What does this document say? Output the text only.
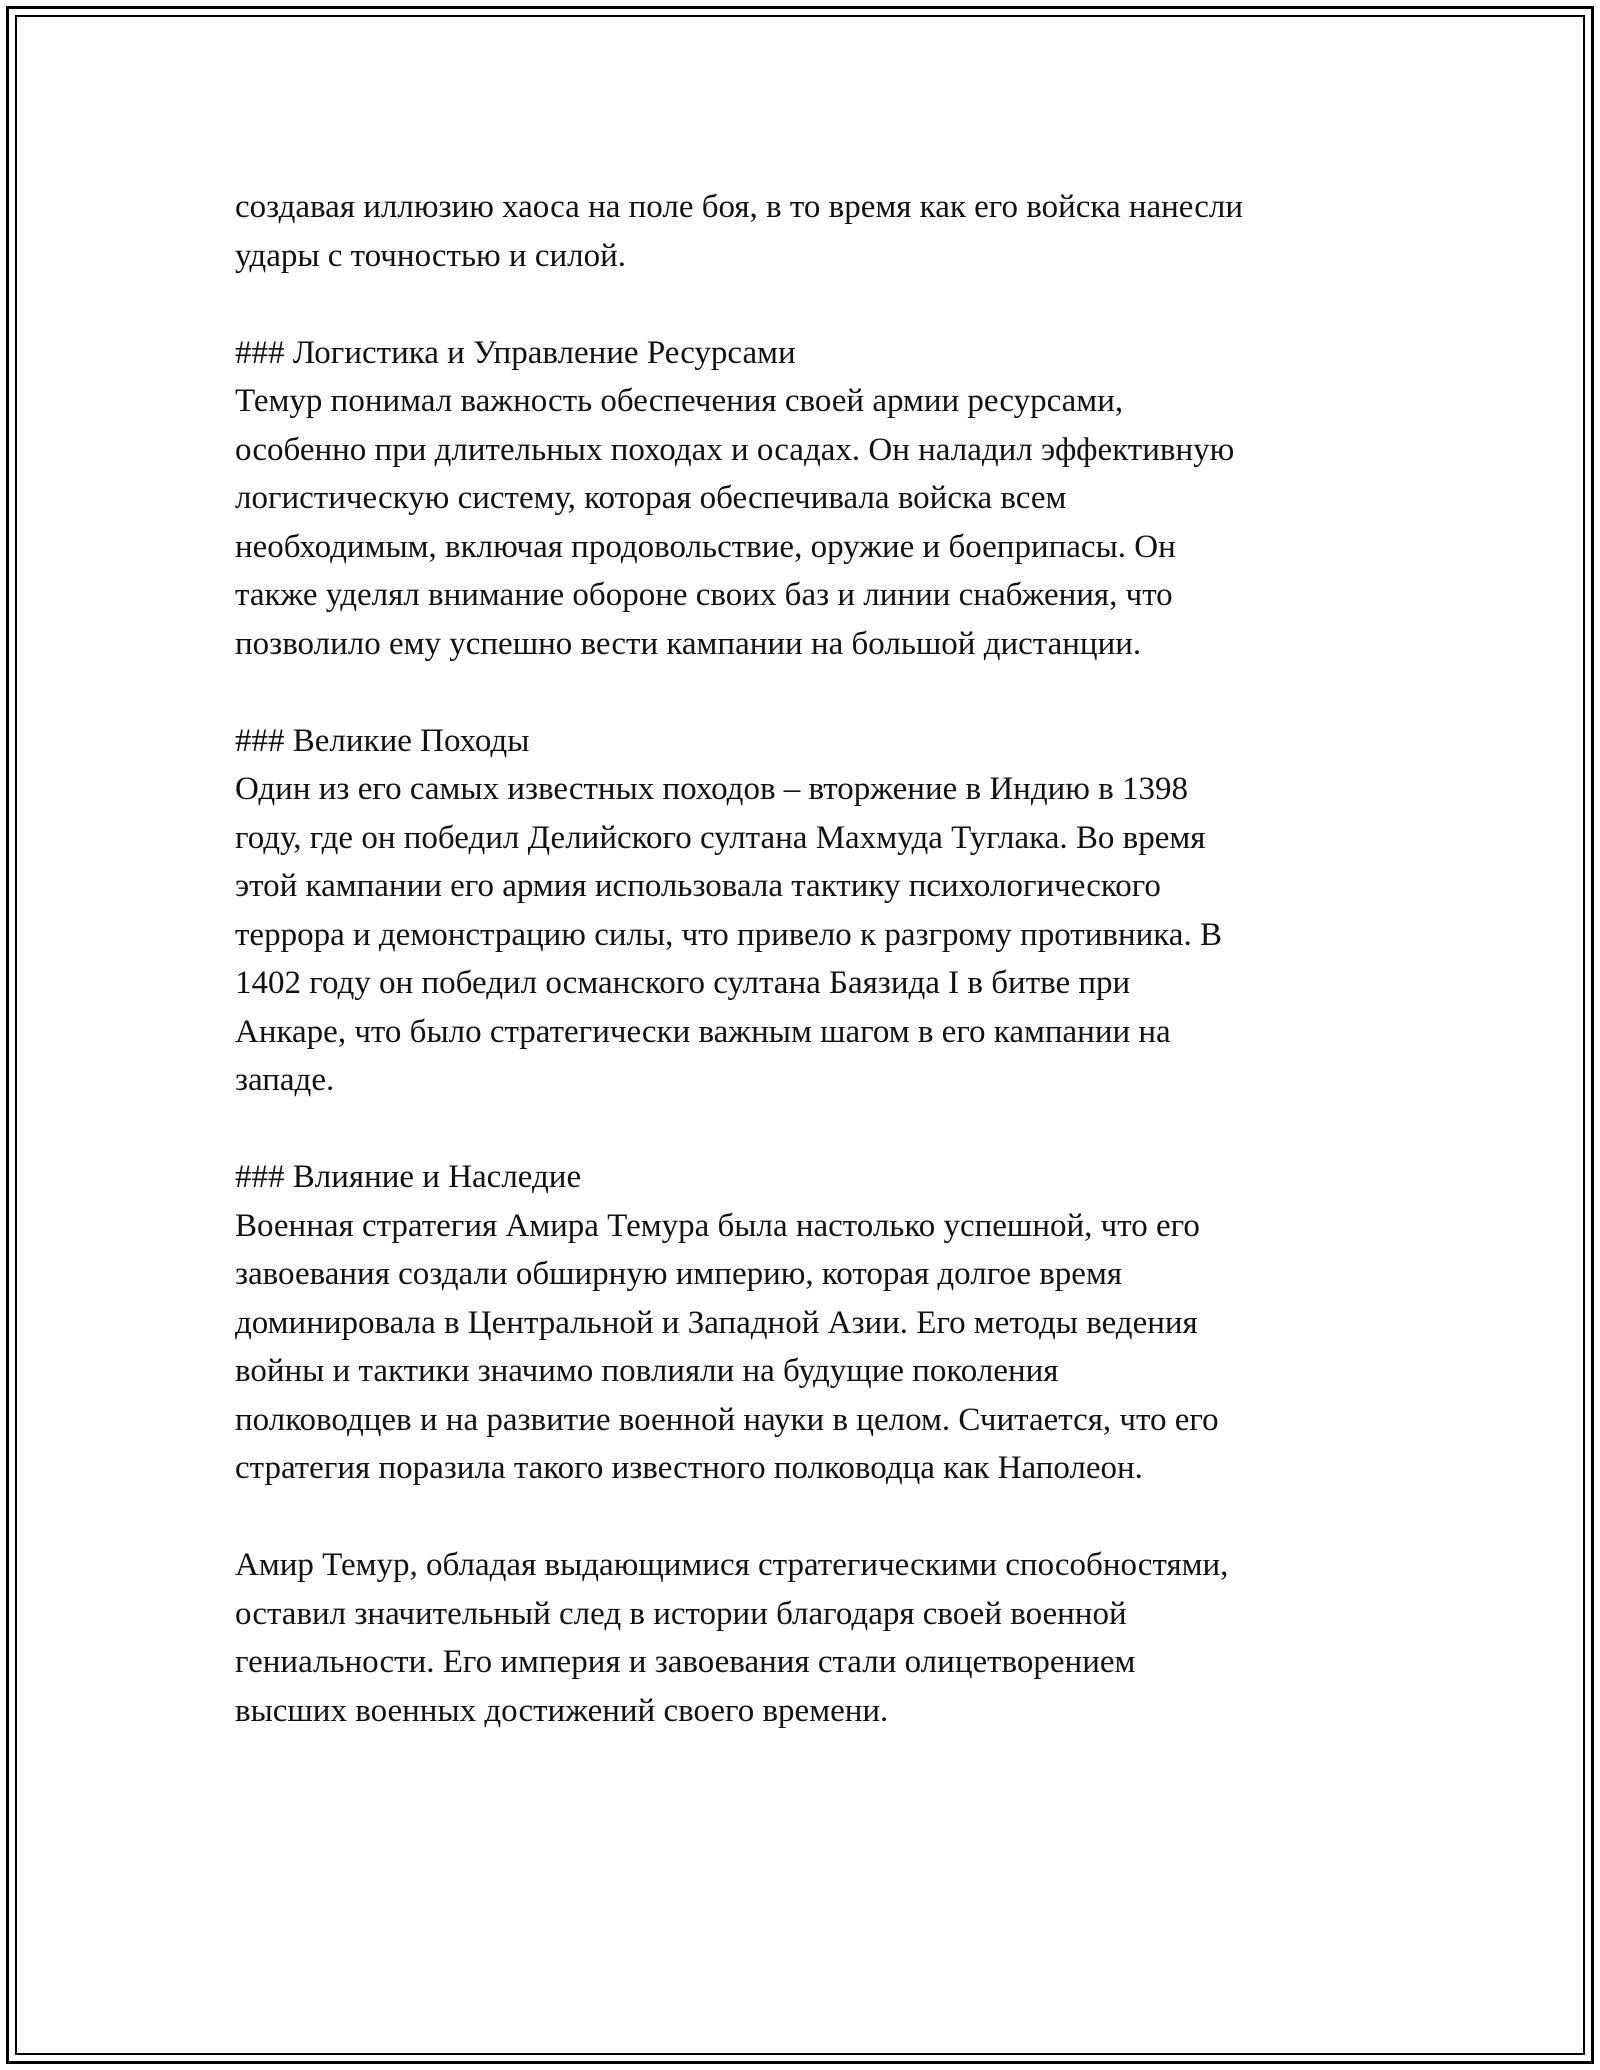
создавая иллюзию хаоса на поле боя, в то время как его войска нанесли
удары с точностью и силой.
### Логистика и Управление Ресурсами
Темур понимал важность обеспечения своей армии ресурсами,
особенно при длительных походах и осадах. Он наладил эффективную
логистическую систему, которая обеспечивала войска всем
необходимым, включая продовольствие, оружие и боеприпасы. Он
также уделял внимание обороне своих баз и линии снабжения, что
позволило ему успешно вести кампании на большой дистанции.
### Великие Походы
Один из его самых известных походов – вторжение в Индию в 1398
году, где он победил Делийского султана Махмуда Туглака. Во время
этой кампании его армия использовала тактику психологического
террора и демонстрацию силы, что привело к разгрому противника. В
1402 году он победил османского султана Баязида I в битве при
Анкаре, что было стратегически важным шагом в его кампании на
западе.
### Влияние и Наследие
Военная стратегия Амира Темура была настолько успешной, что его
завоевания создали обширную империю, которая долгое время
доминировала в Центральной и Западной Азии. Его методы ведения
войны и тактики значимо повлияли на будущие поколения
полководцев и на развитие военной науки в целом. Считается, что его
стратегия поразила такого известного полководца как Наполеон.
Амир Темур, обладая выдающимися стратегическими способностями,
оставил значительный след в истории благодаря своей военной
гениальности. Его империя и завоевания стали олицетворением
высших военных достижений своего времени.
